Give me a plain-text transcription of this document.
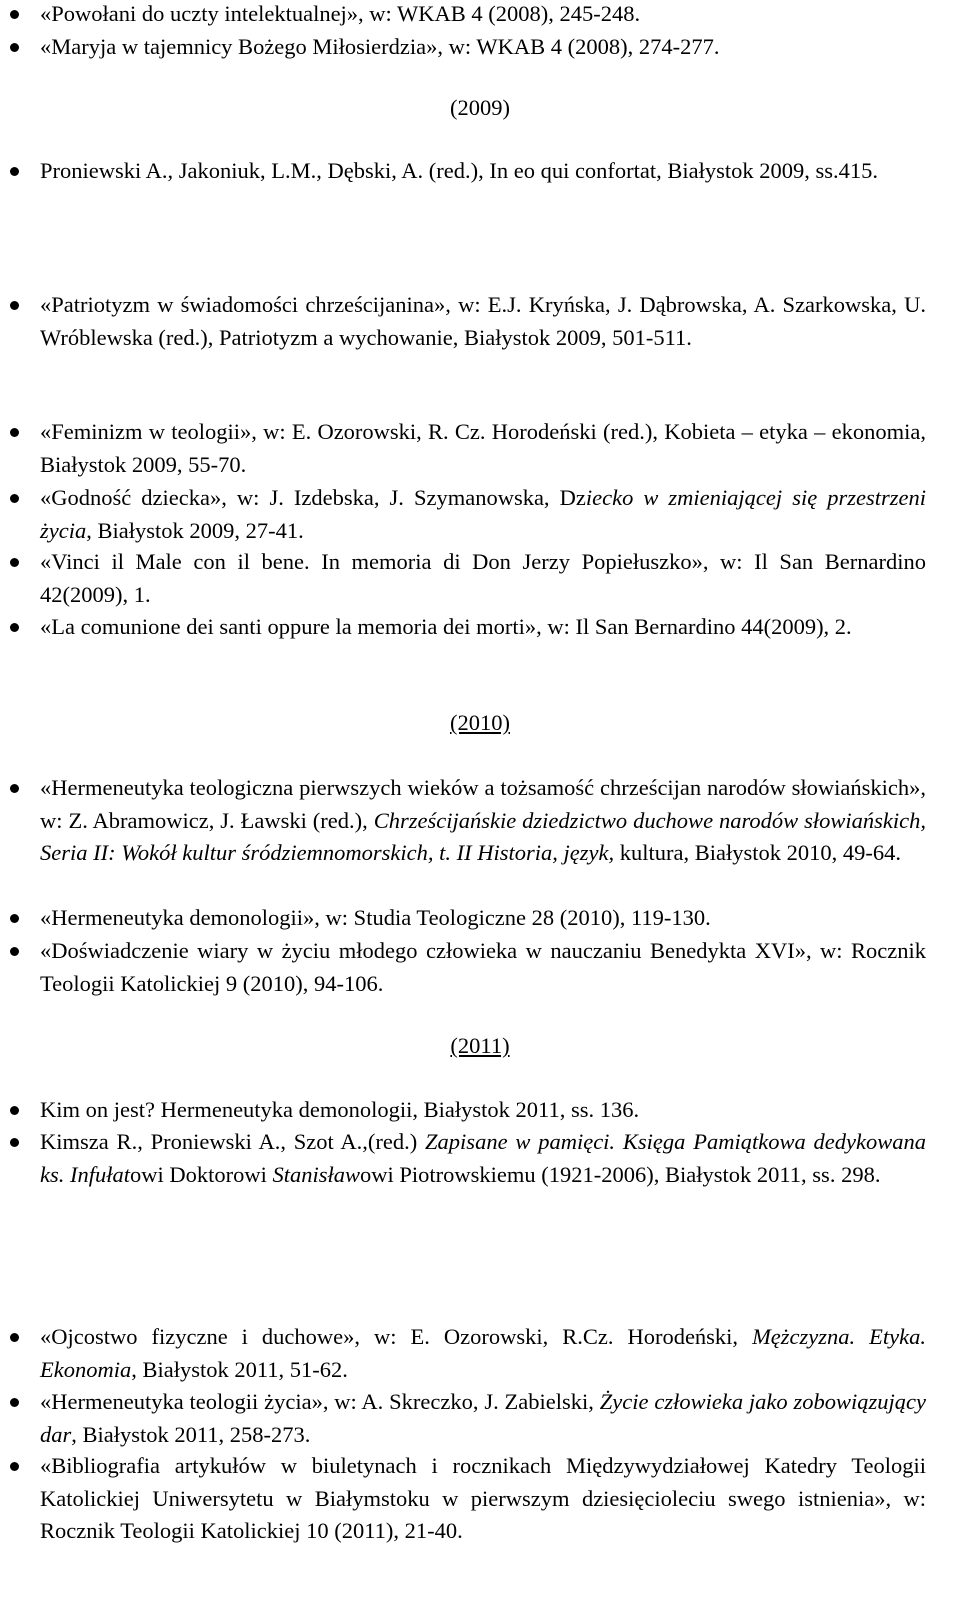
«Powołani do uczty intelektualnej», w: WKAB 4 (2008), 245-248.
«Maryja w tajemnicy Bożego Miłosierdzia», w: WKAB 4 (2008), 274-277.
(2009)
Proniewski A., Jakoniuk, L.M., Dębski, A. (red.), In eo qui confortat, Białystok 2009, ss.415.
«Patriotyzm w świadomości chrześcijanina», w: E.J. Kryńska, J. Dąbrowska, A. Szarkowska, U. Wróblewska (red.), Patriotyzm a wychowanie, Białystok 2009, 501-511.
«Feminizm w teologii», w: E. Ozorowski, R. Cz. Horodeński (red.), Kobieta – etyka – ekonomia, Białystok 2009, 55-70.
«Godność dziecka», w: J. Izdebska, J. Szymanowska, Dziecko w zmieniającej się przestrzeni życia, Białystok 2009, 27-41.
«Vinci il Male con il bene. In memoria di Don Jerzy Popiełuszko», w: Il San Bernardino 42(2009), 1.
«La comunione dei santi oppure la memoria dei morti», w: Il San Bernardino 44(2009), 2.
(2010)
«Hermeneutyka teologiczna pierwszych wieków a tożsamość chrześcijan narodów słowiańskich», w: Z. Abramowicz, J. Ławski (red.), Chrześcijańskie dziedzictwo duchowe narodów słowiańskich, Seria II: Wokół kultur śródziemnomorskich, t. II Historia, język, kultura, Białystok 2010, 49-64.
«Hermeneutyka demonologii», w: Studia Teologiczne 28 (2010), 119-130.
«Doświadczenie wiary w życiu młodego człowieka w nauczaniu Benedykta XVI», w: Rocznik Teologii Katolickiej 9 (2010), 94-106.
(2011)
Kim on jest? Hermeneutyka demonologii, Białystok 2011, ss. 136.
Kimsza R., Proniewski A., Szot A.,(red.) Zapisane w pamięci. Księga Pamiątkowa dedykowana ks. Infułatowi Doktorowi Stanisławowi Piotrowskiemu (1921-2006), Białystok 2011, ss. 298.
«Ojcostwo fizyczne i duchowe», w: E. Ozorowski, R.Cz. Horodeński, Mężczyzna. Etyka. Ekonomia, Białystok 2011, 51-62.
«Hermeneutyka teologii życia», w: A. Skreczko, J. Zabielski, Życie człowieka jako zobowiązujący dar, Białystok 2011, 258-273.
«Bibliografia artykułów w biuletynach i rocznikach Międzywydziałowej Katedry Teologii Katolickiej Uniwersytetu w Białymstoku w pierwszym dziesięcioleciu swego istnienia», w: Rocznik Teologii Katolickiej 10 (2011), 21-40.
